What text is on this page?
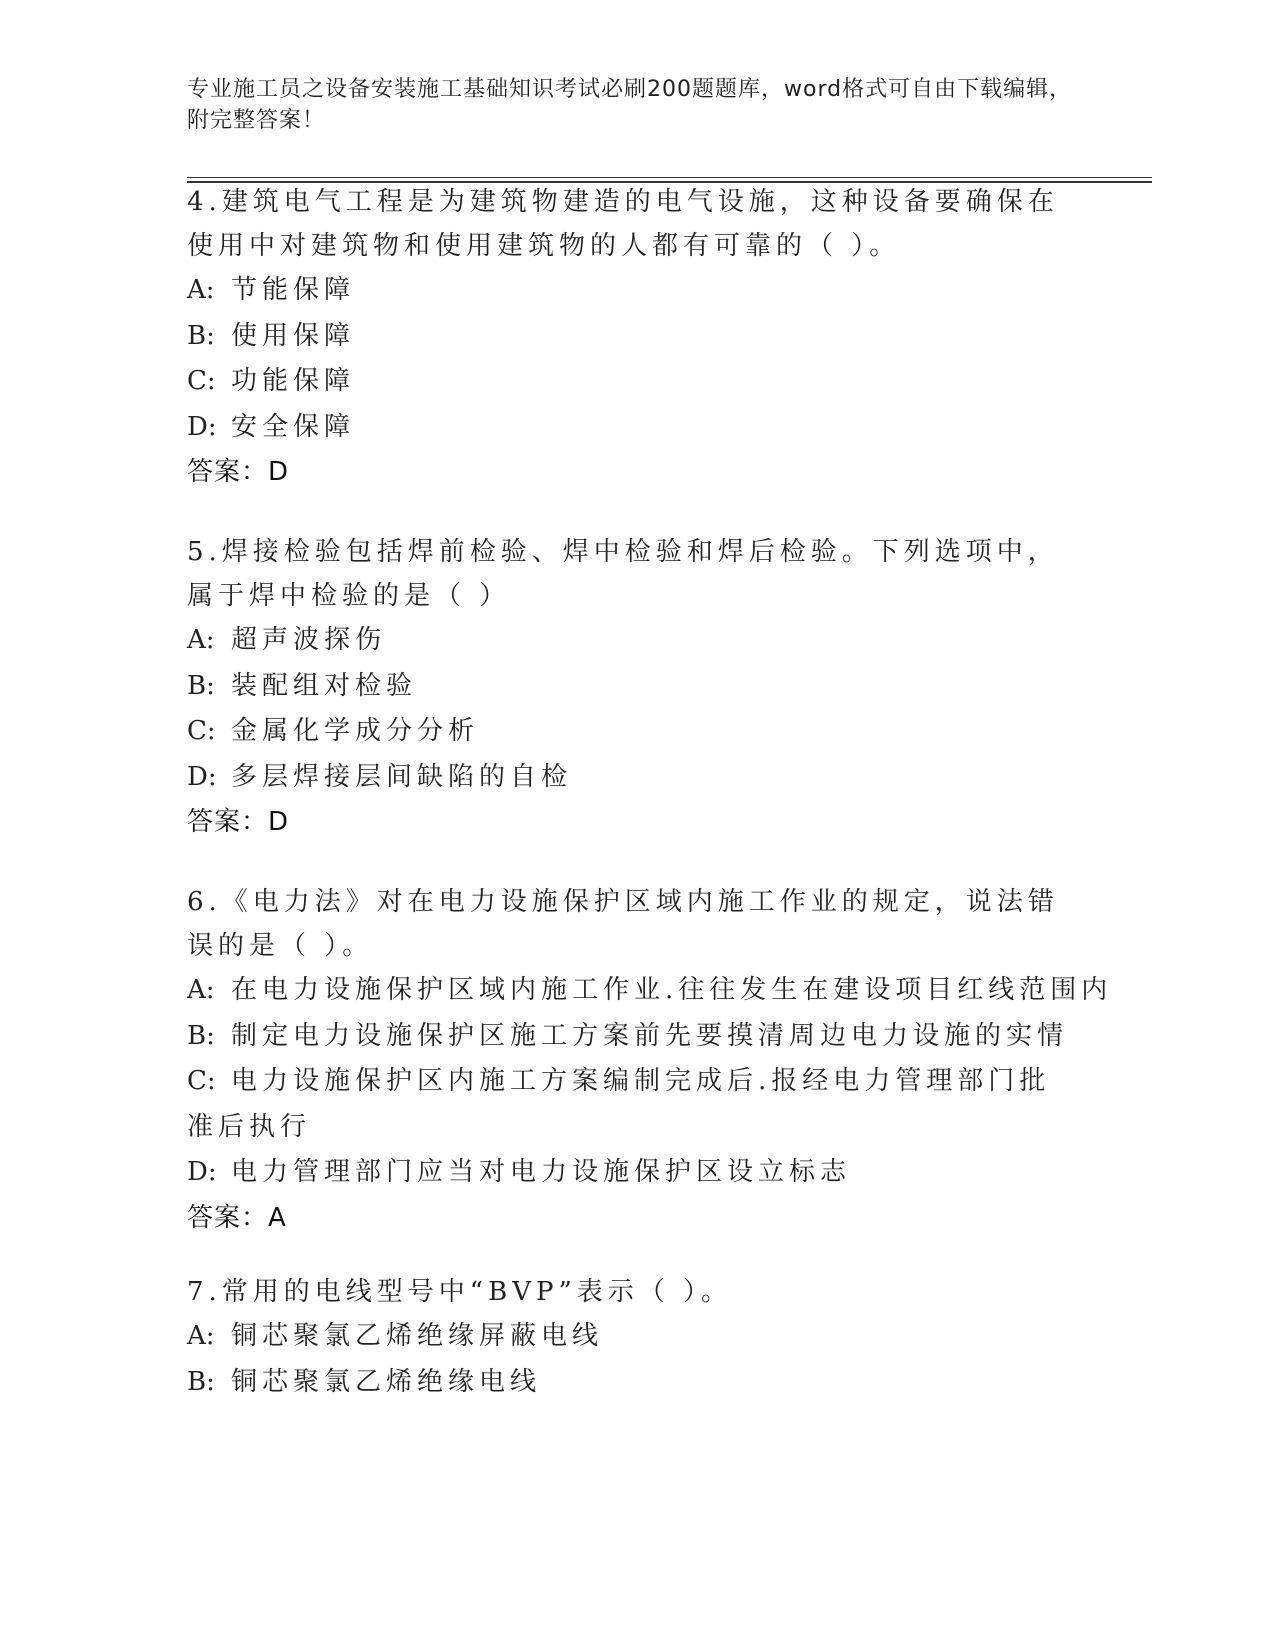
专业施工员之设备安装施工基础知识考试必刷200题题库，word格式可自由下载编辑，附完整答案！

4.建筑电气工程是为建筑物建造的电气设施，这种设备要确保在使用中对建筑物和使用建筑物的人都有可靠的（ ）。

A: 节能保障

B: 使用保障

C: 功能保障

D: 安全保障

答案：D

5.焊接检验包括焊前检验、焊中检验和焊后检验。下列选项中，属于焊中检验的是（ ）

A: 超声波探伤

B: 装配组对检验

C: 金属化学成分分析

D: 多层焊接层间缺陷的自检

答案：D

6.《电力法》对在电力设施保护区域内施工作业的规定，说法错误的是（ ）。

A: 在电力设施保护区域内施工作业.往往发生在建设项目红线范围内

B: 制定电力设施保护区施工方案前先要摸清周边电力设施的实情

C: 电力设施保护区内施工方案编制完成后.报经电力管理部门批准后执行

D: 电力管理部门应当对电力设施保护区设立标志

答案：A

7.常用的电线型号中“BVP”表示（ ）。

A: 铜芯聚氯乙烯绝缘屏蔽电线

B: 铜芯聚氯乙烯绝缘电线
